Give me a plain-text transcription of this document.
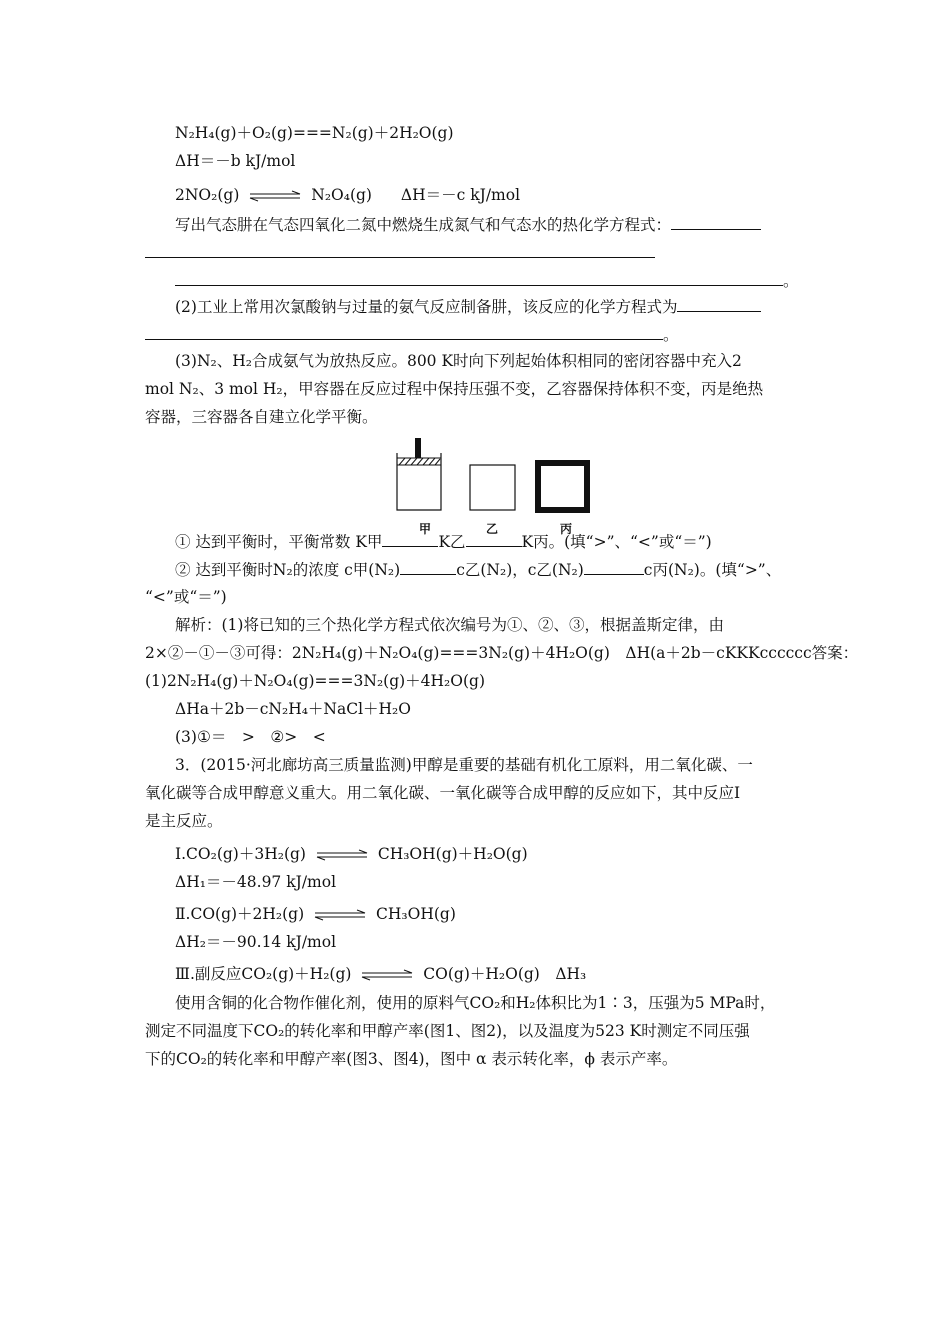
N₂H₄(g)＋O₂(g)===N₂(g)＋2H₂O(g)
ΔH＝－b kJ/mol
2NO₂(g) ⇌ N₂O₄(g) ΔH＝－c kJ/mol
写出气态肼在气态四氧化二氮中燃烧生成氮气和气态水的热化学方程式：
。
(2)工业上常用次氯酸钠与过量的氨气反应制备肼，该反应的化学方程式为
。
(3)N₂、H₂合成氨气为放热反应。800 K时向下列起始体积相同的密闭容器中充入2
mol N₂、3 mol H₂，甲容器在反应过程中保持压强不变，乙容器保持体积不变，丙是绝热
容器，三容器各自建立化学平衡。
甲	乙	丙
① 达到平衡时，平衡常数 K甲	K乙	K丙。(填“>”、“<”或“＝”)
② 达到平衡时N₂的浓度 c甲(N₂)	c乙(N₂)，c乙(N₂)	c丙(N₂)。(填“>”、
“<”或“＝”)
解析：(1)将已知的三个热化学方程式依次编号为①、②、③，根据盖斯定律，由
2×②－①－③可得：2N₂H₄(g)＋N₂O₄(g)===3N₂(g)＋4H₂O(g)　ΔH(a＋2b－cKKKcccccc答案：
(1)2N₂H₄(g)＋N₂O₄(g)===3N₂(g)＋4H₂O(g)
ΔHa＋2b－cN₂H₄＋NaCl＋H₂O
(3)①＝　>　②>　<
3．(2015·河北廊坊高三质量监测)甲醇是重要的基础有机化工原料，用二氧化碳、一
氧化碳等合成甲醇意义重大。用二氧化碳、一氧化碳等合成甲醇的反应如下，其中反应Ⅰ
是主反应。
Ⅰ.CO₂(g)＋3H₂(g) ⇌ CH₃OH(g)＋H₂O(g)
ΔH₁＝－48.97 kJ/mol
Ⅱ.CO(g)＋2H₂(g) ⇌ CH₃OH(g)
ΔH₂＝－90.14 kJ/mol
Ⅲ.副反应CO₂(g)＋H₂(g) ⇌ CO(g)＋H₂O(g)　ΔH₃
使用含铜的化合物作催化剂，使用的原料气CO₂和H₂体积比为1∶3，压强为5 MPa时，
测定不同温度下CO₂的转化率和甲醇产率(图1、图2)，以及温度为523 K时测定不同压强
下的CO₂的转化率和甲醇产率(图3、图4)，图中 α 表示转化率，ϕ 表示产率。
